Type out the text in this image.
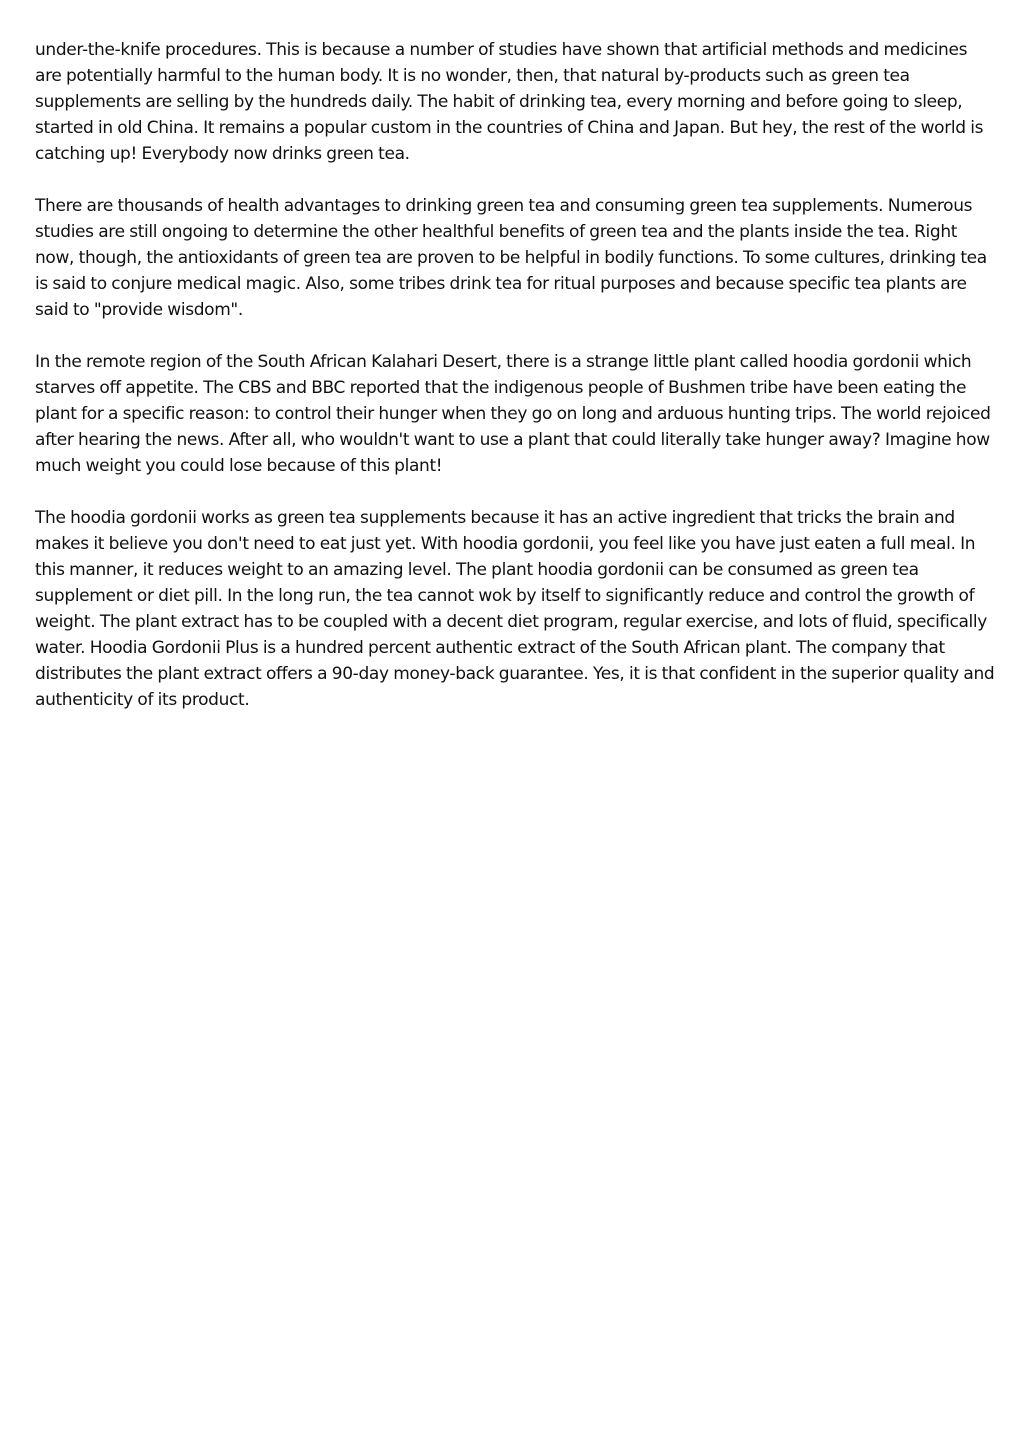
under-the-knife procedures. This is because a number of studies have shown that artificial methods and medicines are potentially harmful to the human body. It is no wonder, then, that natural by-products such as green tea supplements are selling by the hundreds daily. The habit of drinking tea, every morning and before going to sleep, started in old China. It remains a popular custom in the countries of China and Japan. But hey, the rest of the world is catching up! Everybody now drinks green tea.

There are thousands of health advantages to drinking green tea and consuming green tea supplements. Numerous studies are still ongoing to determine the other healthful benefits of green tea and the plants inside the tea. Right now, though, the antioxidants of green tea are proven to be helpful in bodily functions. To some cultures, drinking tea is said to conjure medical magic. Also, some tribes drink tea for ritual purposes and because specific tea plants are said to "provide wisdom".

In the remote region of the South African Kalahari Desert, there is a strange little plant called hoodia gordonii which starves off appetite. The CBS and BBC reported that the indigenous people of Bushmen tribe have been eating the plant for a specific reason: to control their hunger when they go on long and arduous hunting trips. The world rejoiced after hearing the news. After all, who wouldn't want to use a plant that could literally take hunger away? Imagine how much weight you could lose because of this plant!

The hoodia gordonii works as green tea supplements because it has an active ingredient that tricks the brain and makes it believe you don't need to eat just yet. With hoodia gordonii, you feel like you have just eaten a full meal. In this manner, it reduces weight to an amazing level. The plant hoodia gordonii can be consumed as green tea supplement or diet pill. In the long run, the tea cannot wok by itself to significantly reduce and control the growth of weight. The plant extract has to be coupled with a decent diet program, regular exercise, and lots of fluid, specifically water. Hoodia Gordonii Plus is a hundred percent authentic extract of the South African plant. The company that distributes the plant extract offers a 90-day money-back guarantee. Yes, it is that confident in the superior quality and authenticity of its product.
